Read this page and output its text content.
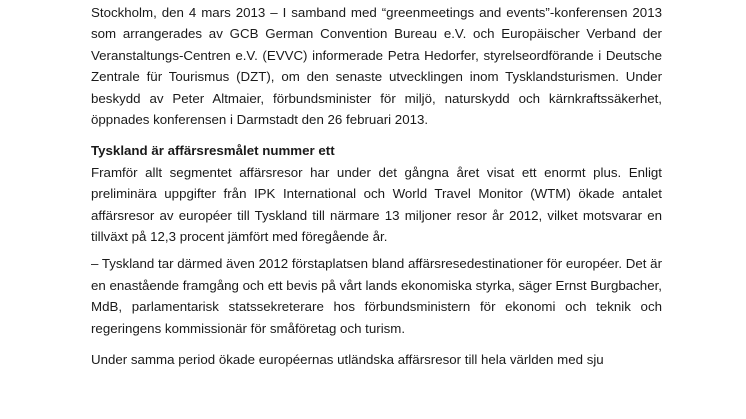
Stockholm, den 4 mars 2013 – I samband med “greenmeetings and events”-konferensen 2013 som arrangerades av GCB German Convention Bureau e.V. och Europäischer Verband der Veranstaltungs-Centren e.V. (EVVC) informerade Petra Hedorfer, styrelseordförande i Deutsche Zentrale für Tourismus (DZT), om den senaste utvecklingen inom Tysklandsturismen. Under beskydd av Peter Altmaier, förbundsminister för miljö, naturskydd och kärnkraftssäkerhet, öppnades konferensen i Darmstadt den 26 februari 2013.

Tyskland är affärsresmålet nummer ett

Framför allt segmentet affärsresor har under det gångna året visat ett enormt plus. Enligt preliminära uppgifter från IPK International och World Travel Monitor (WTM) ökade antalet affärsresor av européer till Tyskland till närmare 13 miljoner resor år 2012, vilket motsvarar en tillväxt på 12,3 procent jämfört med föregående år.

– Tyskland tar därmed även 2012 förstaplatsen bland affärsresedestinationer för européer. Det är en enastående framgång och ett bevis på vårt lands ekonomiska styrka, säger Ernst Burgbacher, MdB, parlamentarisk statssekreterare hos förbundsministern för ekonomi och teknik och regeringens kommissionär för småföretag och turism.

Under samma period ökade européernas utländska affärsresor till hela världen med sju
